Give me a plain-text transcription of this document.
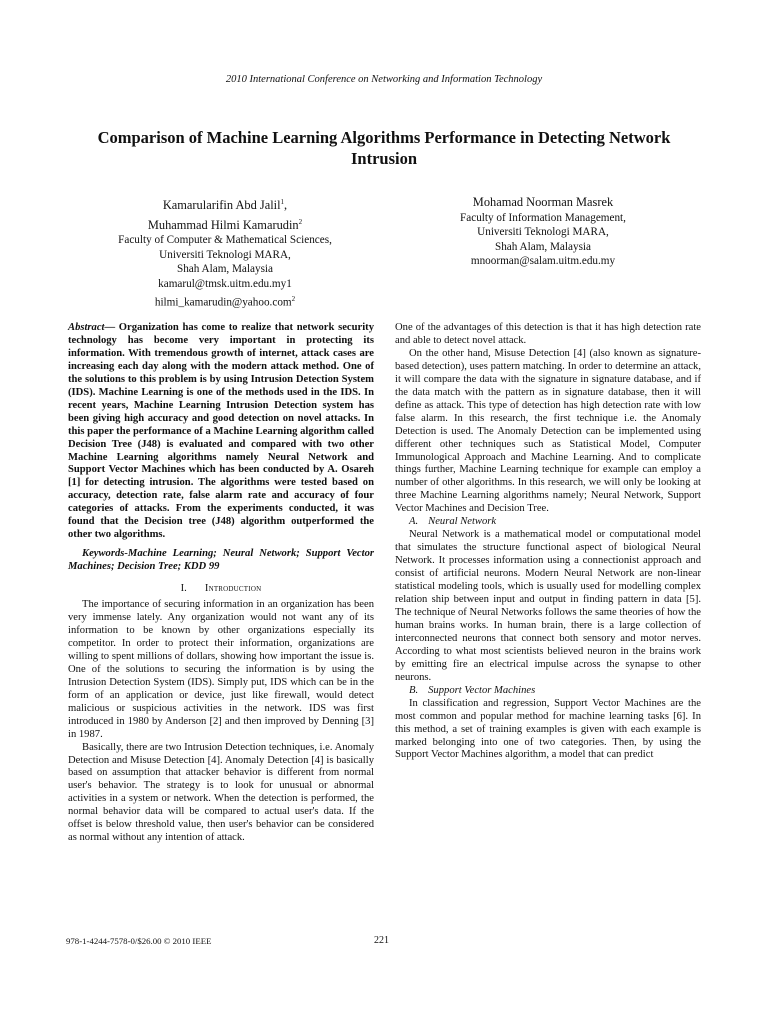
2010 International Conference on Networking and Information Technology
Comparison of Machine Learning Algorithms Performance in Detecting Network
Intrusion
Kamarularifin Abd Jalil$^1$,
Muhammad Hilmi Kamarudin$^2$
Faculty of Computer & Mathematical Sciences,
Universiti Teknologi MARA,
Shah Alam, Malaysia
kamarul@tmsk.uitm.edu.my1
hilmi_kamarudin@yahoo.com$^2$
Mohamad Noorman Masrek
Faculty of Information Management,
Universiti Teknologi MARA,
Shah Alam, Malaysia
mnoorman@salam.uitm.edu.my

Abstract— Organization has come to realize that network security technology has become very important in protecting its information. With tremendous growth of internet, attack cases are increasing each day along with the modern attack method. One of the solutions to this problem is by using Intrusion Detection System (IDS). Machine Learning is one of the methods used in the IDS. In recent years, Machine Learning Intrusion Detection system has been giving high accuracy and good detection on novel attacks. In this paper the performance of a Machine Learning algorithm called Decision Tree (J48) is evaluated and compared with two other Machine Learning algorithms namely Neural Network and Support Vector Machines which has been conducted by A. Osareh [1] for detecting intrusion. The algorithms were tested based on accuracy, detection rate, false alarm rate and accuracy of four categories of attacks. From the experiments conducted, it was found that the Decision tree (J48) algorithm outperformed the other two algorithms.

Keywords-Machine Learning; Neural Network; Support Vector Machines; Decision Tree; KDD 99

I. Introduction

The importance of securing information in an organization has been very immense lately. Any organization would not want any of its information to be known by other organizations especially its competitor. In order to protect their information, organizations are willing to spent millions of dollars, showing how important the issue is. One of the solutions to securing the information is by using the Intrusion Detection System (IDS). Simply put, IDS which can be in the form of an application or device, just like firewall, would detect malicious or suspicious activities in the network. IDS was first introduced in 1980 by Anderson [2] and then improved by Denning [3] in 1987.

Basically, there are two Intrusion Detection techniques, i.e. Anomaly Detection and Misuse Detection [4]. Anomaly Detection [4] is basically based on assumption that attacker behavior is different from normal user's behavior. The strategy is to look for unusual or abnormal activities in a system or network. When the detection is performed, the normal behavior data will be compared to actual user's data. If the offset is below threshold value, then user's behavior can be considered as normal without any intention of attack.

One of the advantages of this detection is that it has high detection rate and able to detect novel attack.

On the other hand, Misuse Detection [4] (also known as signature-based detection), uses pattern matching. In order to determine an attack, it will compare the data with the signature in signature database, and if the data match with the pattern as in signature database, then it will define as attack. This type of detection has high detection rate with low false alarm. In this research, the first technique i.e. the Anomaly Detection is used. The Anomaly Detection can be implemented using different other techniques such as Statistical Model, Computer Immunological Approach and Machine Learning. And to complicate things further, Machine Learning technique for example can employ a number of other algorithms. In this research, we will only be looking at three Machine Learning algorithms namely; Neural Network, Support Vector Machines and Decision Tree.

A. Neural Network

Neural Network is a mathematical model or computational model that simulates the structure functional aspect of biological Neural Network. It processes information using a connectionist approach and consist of artificial neurons. Modern Neural Network are non-linear statistical modeling tools, which is usually used for modelling complex relation ship between input and output in finding pattern in data [5]. The technique of Neural Networks follows the same theories of how the human brains works. In human brain, there is a large collection of interconnected neurons that connect both sensory and motor nerves. According to what most scientists believed neuron in the brains work by emitting fire an electrical impulse across the synapse to other neurons.

B. Support Vector Machines

In classification and regression, Support Vector Machines are the most common and popular method for machine learning tasks [6]. In this method, a set of training examples is given with each example is marked belonging into one of two categories. Then, by using the Support Vector Machines algorithm, a model that can predict

978-1-4244-7578-0/$26.00 © 2010 IEEE	221
